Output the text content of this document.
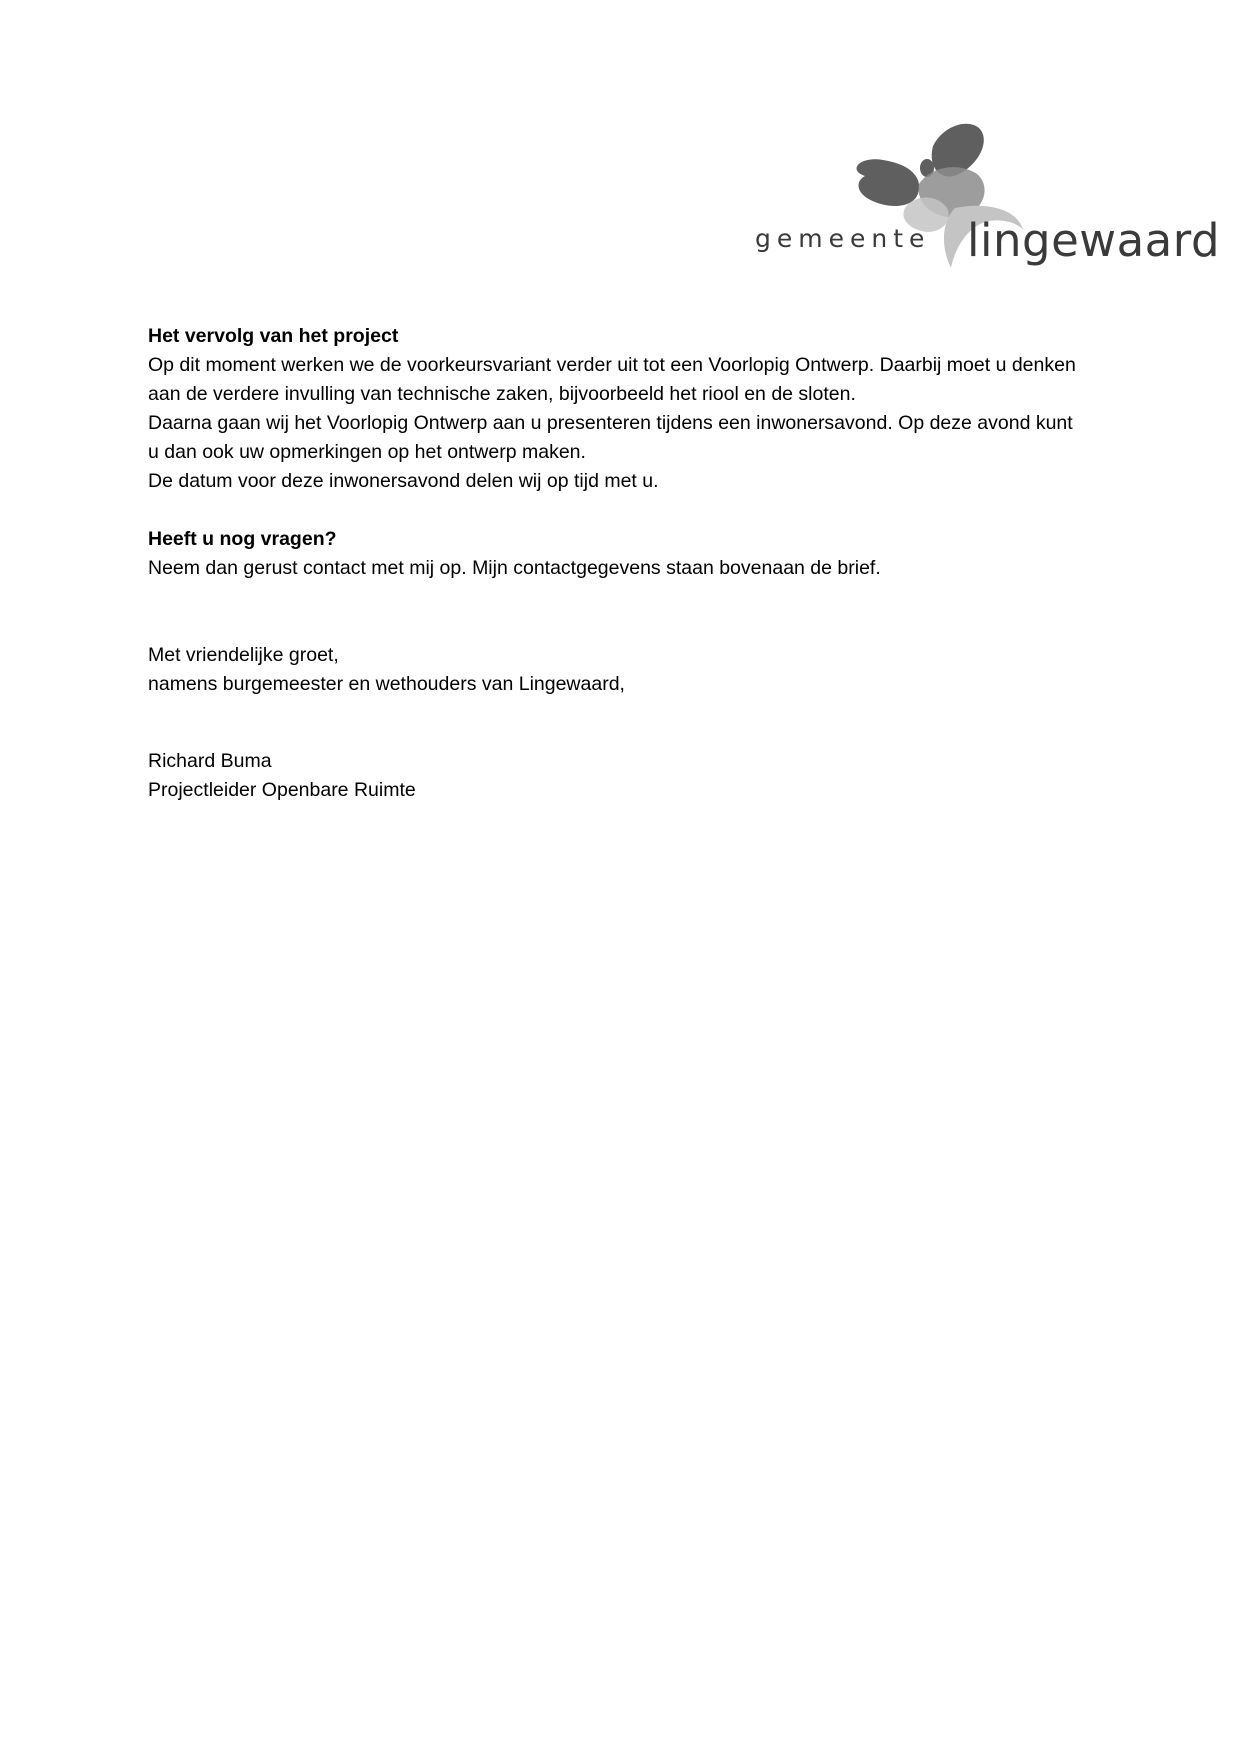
gemeente lingewaard

Het vervolg van het project

Op dit moment werken we de voorkeursvariant verder uit tot een Voorlopig Ontwerp. Daarbij moet u denken

aan de verdere invulling van technische zaken, bijvoorbeeld het riool en de sloten.

Daarna gaan wij het Voorlopig Ontwerp aan u presenteren tijdens een inwonersavond. Op deze avond kunt

u dan ook uw opmerkingen op het ontwerp maken.

De datum voor deze inwonersavond delen wij op tijd met u.

Heeft u nog vragen?

Neem dan gerust contact met mij op. Mijn contactgegevens staan bovenaan de brief.

Met vriendelijke groet,

namens burgemeester en wethouders van Lingewaard,

Richard Buma

Projectleider Openbare Ruimte
